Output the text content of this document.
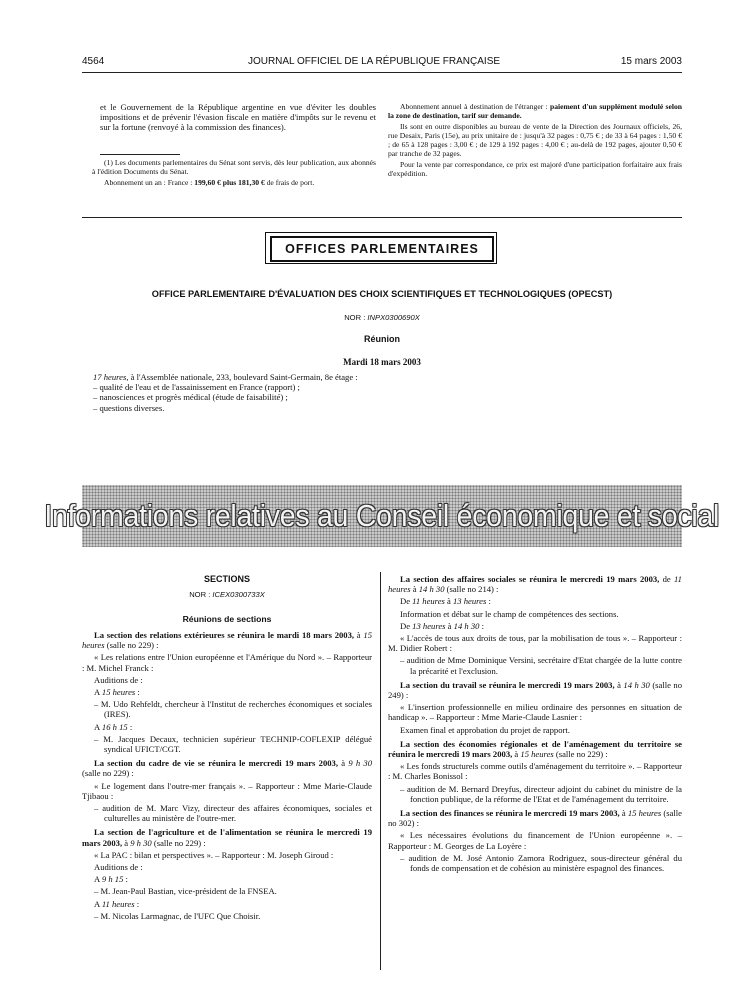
4564	JOURNAL OFFICIEL DE LA RÉPUBLIQUE FRANÇAISE	15 mars 2003

et le Gouvernement de la République argentine en vue d'éviter les doubles impositions et de prévenir l'évasion fiscale en matière d'impôts sur le revenu et sur la fortune (renvoyé à la commission des finances).

(1) Les documents parlementaires du Sénat sont servis, dès leur publication, aux abonnés à l'édition Documents du Sénat.

Abonnement un an : France : 199,60 € plus 181,30 € de frais de port.

Abonnement annuel à destination de l'étranger : paiement d'un supplément modulé selon la zone de destination, tarif sur demande.

Ils sont en outre disponibles au bureau de vente de la Direction des Journaux officiels, 26, rue Desaix, Paris (15e), au prix unitaire de : jusqu'à 32 pages : 0,75 € ; de 33 à 64 pages : 1,50 € ; de 65 à 128 pages : 3,00 € ; de 129 à 192 pages : 4,00 € ; au-delà de 192 pages, ajouter 0,50 € par tranche de 32 pages.

Pour la vente par correspondance, ce prix est majoré d'une participation forfaitaire aux frais d'expédition.

OFFICES PARLEMENTAIRES
OFFICE PARLEMENTAIRE D'ÉVALUATION DES CHOIX SCIENTIFIQUES ET TECHNOLOGIQUES (OPECST)
NOR : INPX0300690X
Réunion
Mardi 18 mars 2003

17 heures, à l'Assemblée nationale, 233, boulevard Saint-Germain, 8e étage :

– qualité de l'eau et de l'assainissement en France (rapport) ;

– nanosciences et progrès médical (étude de faisabilité) ;

– questions diverses.

Informations relatives au Conseil économique et social
SECTIONS
NOR : ICEX0300733X
Réunions de sections

La section des relations extérieures se réunira le mardi 18 mars 2003, à 15 heures (salle no 229) :

« Les relations entre l'Union européenne et l'Amérique du Nord ». – Rapporteur : M. Michel Franck :

Auditions de :

A 15 heures :

– M. Udo Rehfeldt, chercheur à l'Institut de recherches économiques et sociales (IRES).

A 16 h 15 :

– M. Jacques Decaux, technicien supérieur TECHNIP-COFLEXIP délégué syndical UFICT/CGT.

La section du cadre de vie se réunira le mercredi 19 mars 2003, à 9 h 30 (salle no 229) :

« Le logement dans l'outre-mer français ». – Rapporteur : Mme Marie-Claude Tjibaou :

– audition de M. Marc Vizy, directeur des affaires économiques, sociales et culturelles au ministère de l'outre-mer.

La section de l'agriculture et de l'alimentation se réunira le mercredi 19 mars 2003, à 9 h 30 (salle no 229) :

« La PAC : bilan et perspectives ». – Rapporteur : M. Joseph Giroud :

Auditions de :

A 9 h 15 :

– M. Jean-Paul Bastian, vice-président de la FNSEA.

A 11 heures :

– M. Nicolas Larmagnac, de l'UFC Que Choisir.

La section des affaires sociales se réunira le mercredi 19 mars 2003, de 11 heures à 14 h 30 (salle no 214) :

De 11 heures à 13 heures :

Information et débat sur le champ de compétences des sections.

De 13 heures à 14 h 30 :

« L'accès de tous aux droits de tous, par la mobilisation de tous ». – Rapporteur : M. Didier Robert :

– audition de Mme Dominique Versini, secrétaire d'Etat chargée de la lutte contre la précarité et l'exclusion.

La section du travail se réunira le mercredi 19 mars 2003, à 14 h 30 (salle no 249) :

« L'insertion professionnelle en milieu ordinaire des personnes en situation de handicap ». – Rapporteur : Mme Marie-Claude Lasnier :

Examen final et approbation du projet de rapport.

La section des économies régionales et de l'aménagement du territoire se réunira le mercredi 19 mars 2003, à 15 heures (salle no 229) :

« Les fonds structurels comme outils d'aménagement du territoire ». – Rapporteur : M. Charles Bonissol :

– audition de M. Bernard Dreyfus, directeur adjoint du cabinet du ministre de la fonction publique, de la réforme de l'Etat et de l'aménagement du territoire.

La section des finances se réunira le mercredi 19 mars 2003, à 15 heures (salle no 302) :

« Les nécessaires évolutions du financement de l'Union européenne ». – Rapporteur : M. Georges de La Loyère :

– audition de M. José Antonio Zamora Rodriguez, sous-directeur général du fonds de compensation et de cohésion au ministère espagnol des finances.
